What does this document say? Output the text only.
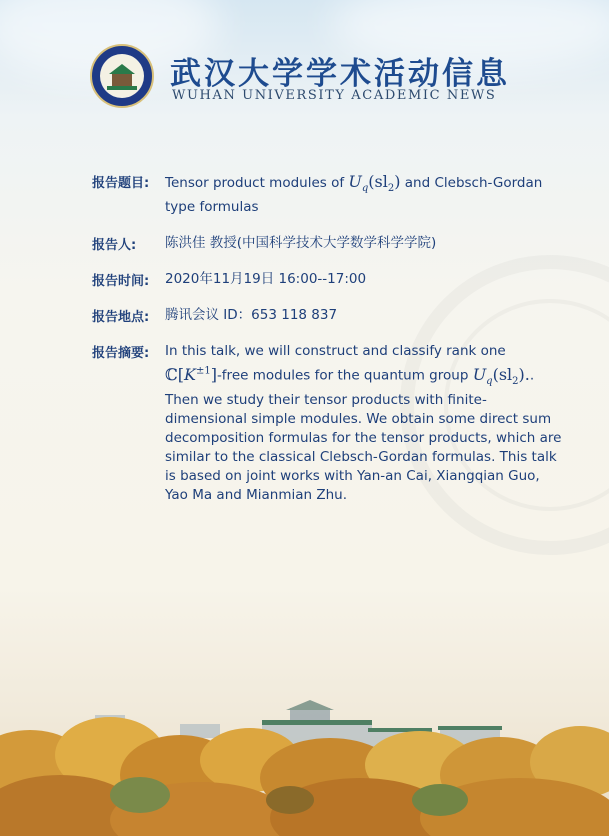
武汉大学学术活动信息
WUHAN UNIVERSITY ACADEMIC NEWS
报告题目:	Tensor product modules of $U_q(sl_2)$ and Clebsch-Gordan type formulas
报告人:	陈洪佳 教授(中国科学技术大学数学科学学院)
报告时间:	2020年11月19日 16:00--17:00
报告地点:	腾讯会议 ID：653 118 837
报告摘要:	In this talk, we will construct and classify rank one $ℂ[K^{\pm 1}]$-free modules for the quantum group $U_q(sl_2)$.. Then we study their tensor products with finite-dimensional simple modules. We obtain some direct sum decomposition formulas for the tensor products, which are similar to the classical Clebsch-Gordan formulas. This talk is based on joint works with Yan-an Cai, Xiangqian Guo, Yao Ma and Mianmian Zhu.
